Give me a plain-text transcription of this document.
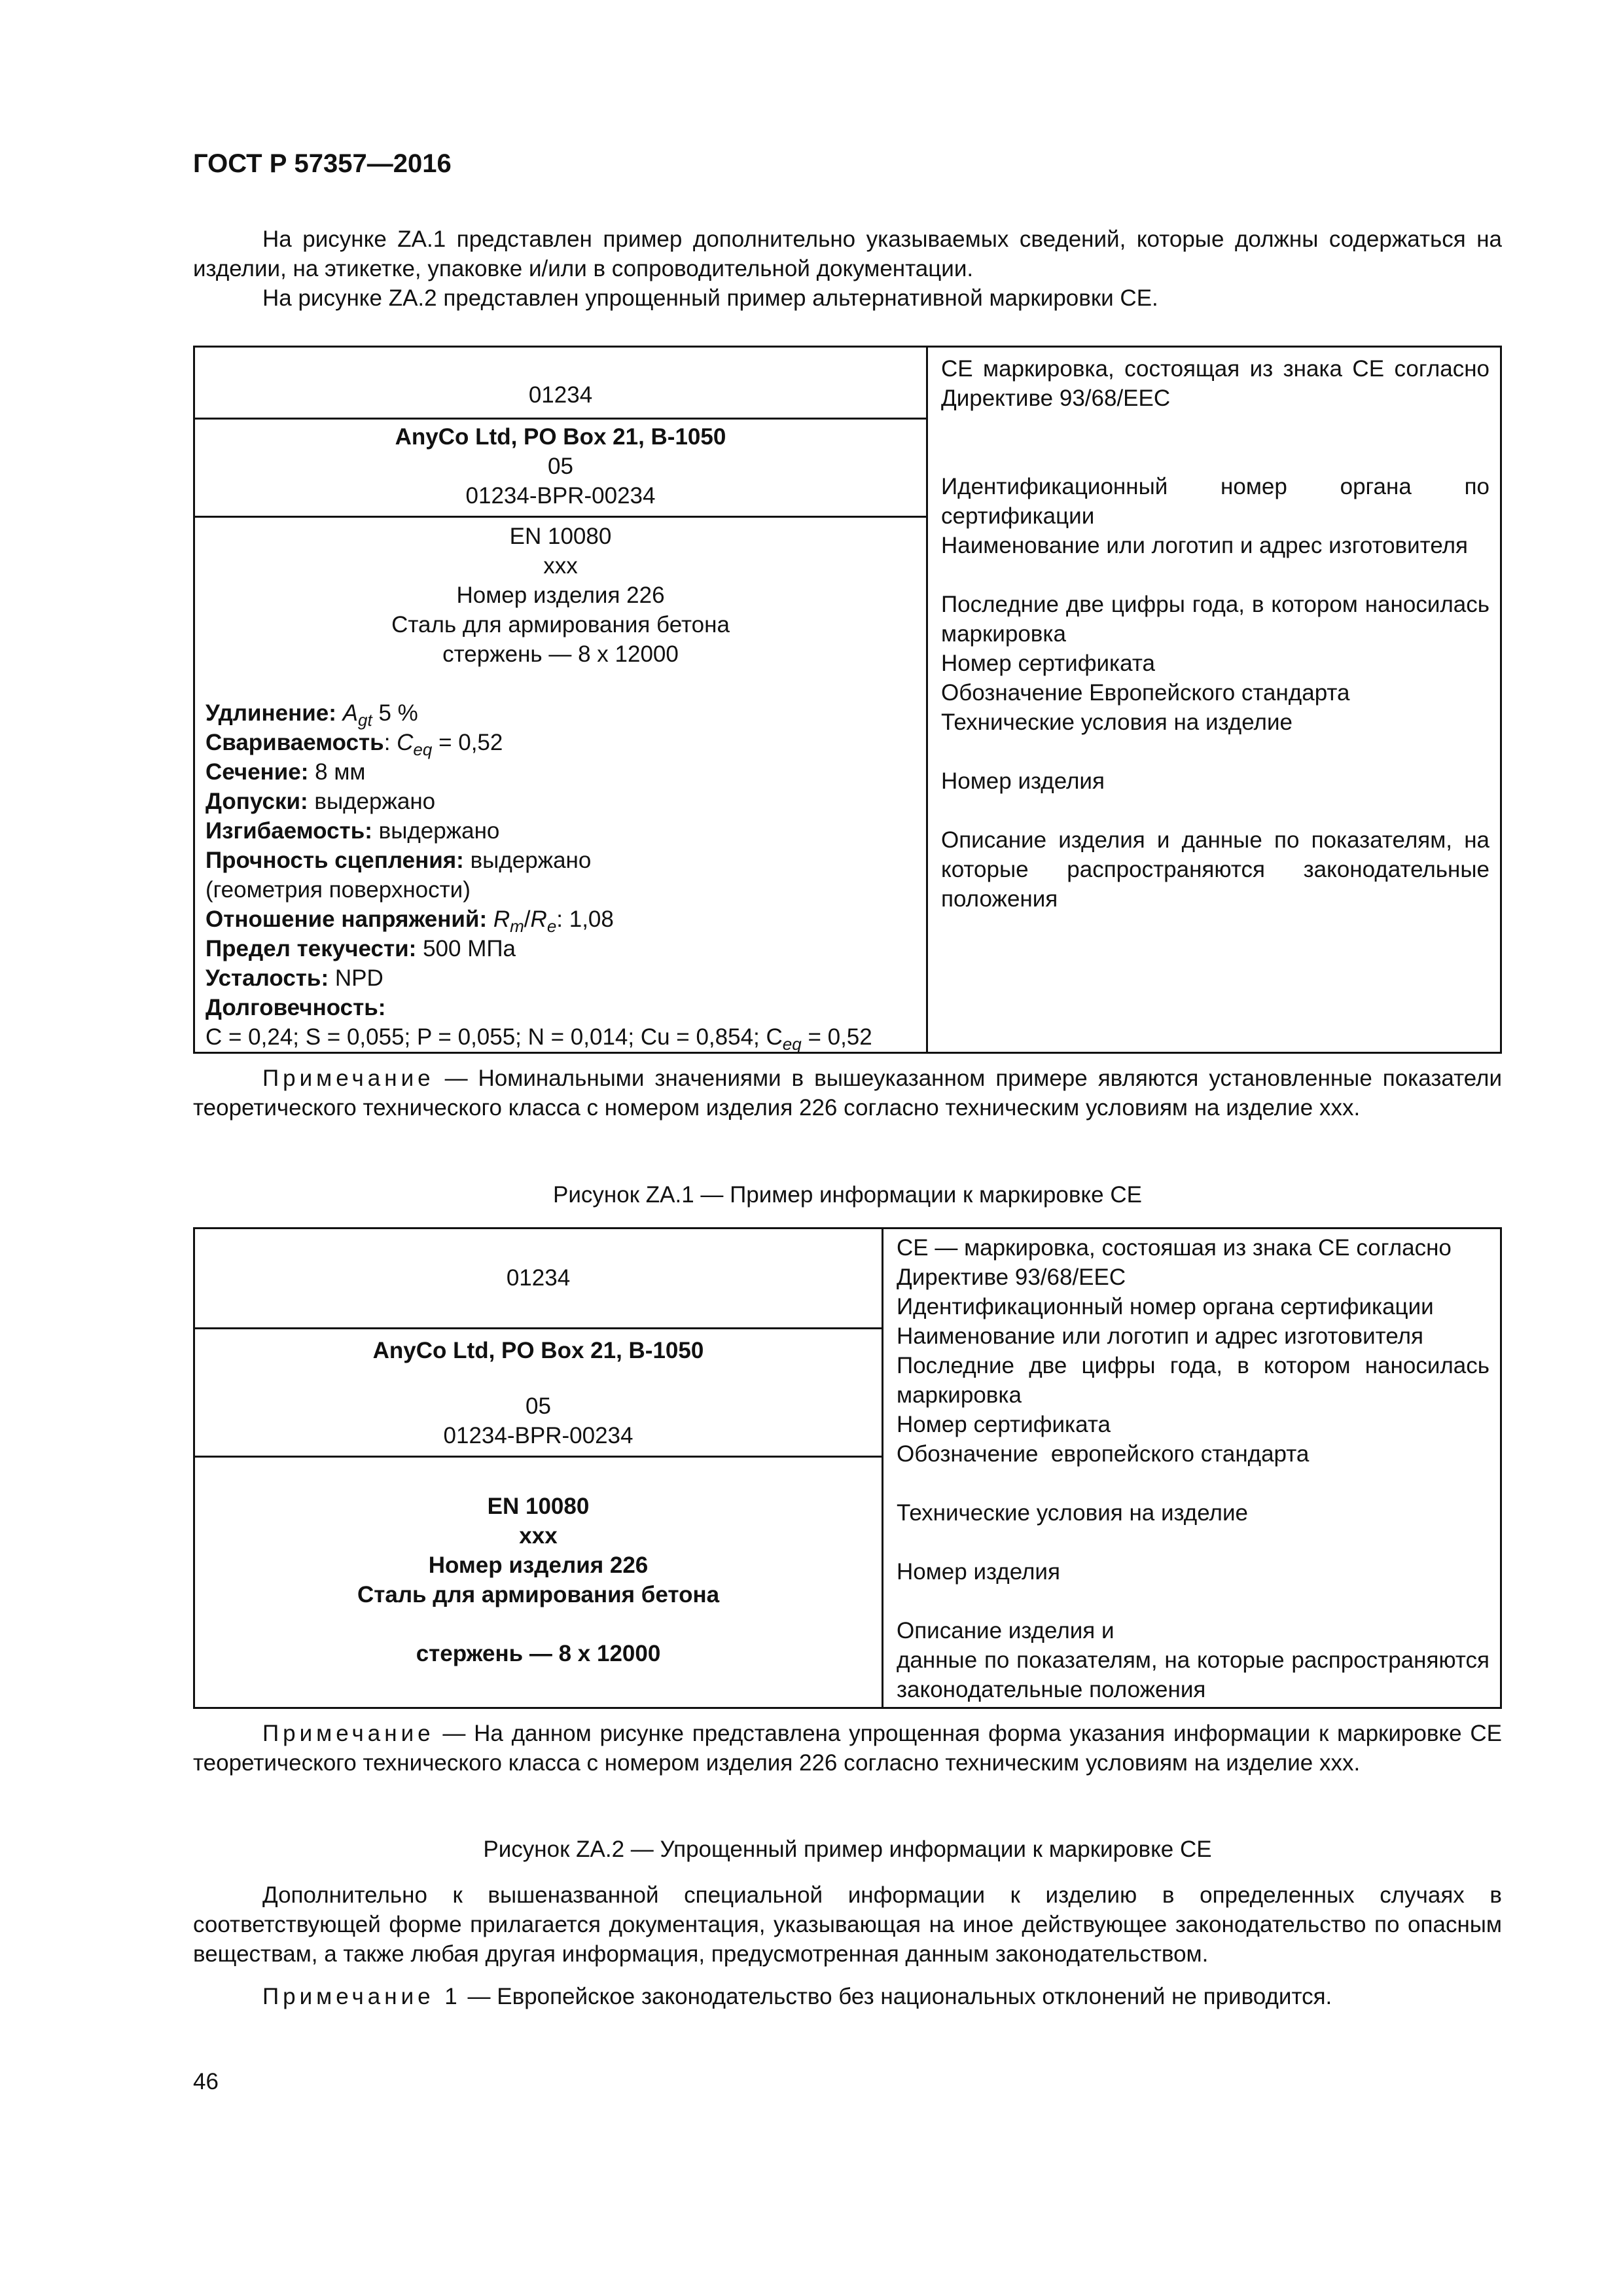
ГОСТ Р 57357—2016
На рисунке ZA.1 представлен пример дополнительно указываемых сведений, которые должны содержаться на изделии, на этикетке, упаковке и/или в сопроводительной документации.
На рисунке ZA.2 представлен упрощенный пример альтернативной маркировки CE.
01234
AnyCo Ltd, PO Box 21, B-1050
05
01234-BPR-00234
EN 10080
xxx
Номер изделия 226
Сталь для армирования бетона
стержень — 8 x 12000
Удлинение: $A_{gt}$ 5 %
Свариваемость: $C_{eq} = 0,52$
Сечение: 8 мм
Допуски: выдержано
Изгибаемость: выдержано
Прочность сцепления: выдержано
(геометрия поверхности)
Отношение напряжений: $R_m/R_e$: 1,08
Предел текучести: 500 МПа
Усталость: NPD
Долговечность:
C = 0,24; S = 0,055; P = 0,055; N = 0,014; Cu = 0,854; $C_{eq} = 0,52$
CE маркировка, состоящая из знака CE согласно Директиве 93/68/EEC
Идентификационный номер органа по сертификации
Наименование или логотип и адрес изготовителя
Последние две цифры года, в котором наносилась маркировка
Номер сертификата
Обозначение Европейского стандарта
Технические условия на изделие
Номер изделия
Описание изделия и данные по показателям, на которые распространяются законодательные положения
Примечание — Номинальными значениями в вышеуказанном примере являются установленные показатели теоретического технического класса с номером изделия 226 согласно техническим условиям на изделие xxx.
Рисунок ZA.1 — Пример информации к маркировке CE
01234
AnyCo Ltd, PO Box 21, B-1050
05
01234-BPR-00234
EN 10080
xxx
Номер изделия 226
Сталь для армирования бетона
стержень — 8 x 12000
CE — маркировка, состояшая из знака CE согласно Директиве 93/68/EEC
Идентификационный номер органа сертификации
Наименование или логотип и адрес изготовителя
Последние две цифры года, в котором наносилась маркировка
Номер сертификата
Обозначение  европейского стандарта
Технические условия на изделие
Номер изделия
Описание изделия и
данные по показателям, на которые распространяются законодательные положения
Примечание — На данном рисунке представлена упрощенная форма указания информации к маркировке CE теоретического технического класса с номером изделия 226 согласно техническим условиям на изделие xxx.
Рисунок ZA.2 — Упрощенный пример информации к маркировке CE
Дополнительно к вышеназванной специальной информации к изделию в определенных случаях в соответствующей форме прилагается документация, указывающая на иное действующее законодательство по опасным веществам, а также любая другая информация, предусмотренная данным законодательством.
Примечание 1 — Европейское законодательство без национальных отклонений не приводится.
46
